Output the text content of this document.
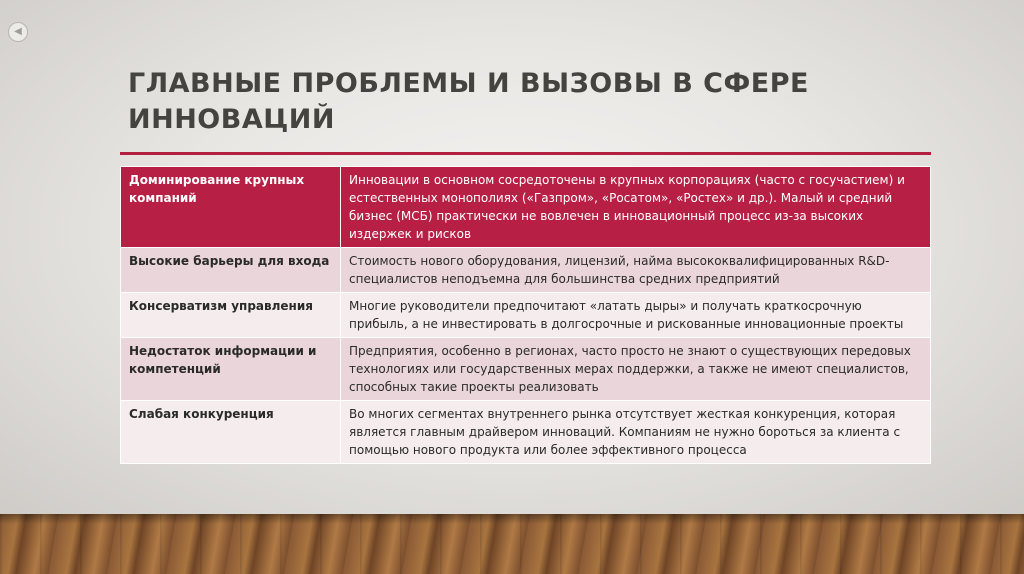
◀
ГЛАВНЫЕ ПРОБЛЕМЫ И ВЫЗОВЫ В СФЕРЕ ИННОВАЦИЙ
Доминирование крупных компаний	Инновации в основном сосредоточены в крупных корпорациях (часто с госучастием) и естественных монополиях («Газпром», «Росатом», «Ростех» и др.). Малый и средний бизнес (МСБ) практически не вовлечен в инновационный процесс из-за высоких издержек и рисков
Высокие барьеры для входа	Стоимость нового оборудования, лицензий, найма высококвалифицированных R&D-специалистов неподъемна для большинства средних предприятий
Консерватизм управления	Многие руководители предпочитают «латать дыры» и получать краткосрочную прибыль, а не инвестировать в долгосрочные и рискованные инновационные проекты
Недостаток информации и компетенций	Предприятия, особенно в регионах, часто просто не знают о существующих передовых технологиях или государственных мерах поддержки, а также не имеют специалистов, способных такие проекты реализовать
Слабая конкуренция	Во многих сегментах внутреннего рынка отсутствует жесткая конкуренция, которая является главным драйвером инноваций. Компаниям не нужно бороться за клиента с помощью нового продукта или более эффективного процесса
